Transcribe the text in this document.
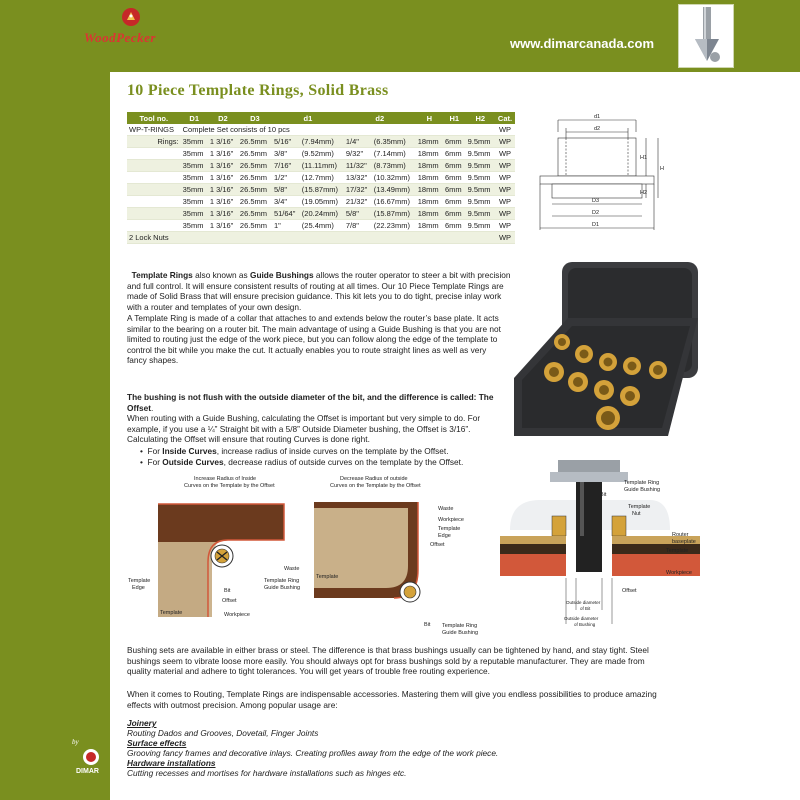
WoodPecker	www.dimarcanada.com
by
DIMAR
10 Piece Template Rings, Solid Brass
Tool no.	D1	D2	D3	d1		d2		H	H1	H2	Cat.
WP-T-RINGS	Complete Set consists of 10 pcs										WP
Rings:	35mm	1 3/16"	26.5mm	5/16"	(7.94mm)	1/4"	(6.35mm)	18mm	6mm	9.5mm	WP
	35mm	1 3/16"	26.5mm	3/8"	(9.52mm)	9/32"	(7.14mm)	18mm	6mm	9.5mm	WP
	35mm	1 3/16"	26.5mm	7/16"	(11.11mm)	11/32"	(8.73mm)	18mm	6mm	9.5mm	WP
	35mm	1 3/16"	26.5mm	1/2"	(12.7mm)	13/32"	(10.32mm)	18mm	6mm	9.5mm	WP
	35mm	1 3/16"	26.5mm	5/8"	(15.87mm)	17/32"	(13.49mm)	18mm	6mm	9.5mm	WP
	35mm	1 3/16"	26.5mm	3/4"	(19.05mm)	21/32"	(16.67mm)	18mm	6mm	9.5mm	WP
	35mm	1 3/16"	26.5mm	51/64"	(20.24mm)	5/8"	(15.87mm)	18mm	6mm	9.5mm	WP
	35mm	1 3/16"	26.5mm	1"	(25.4mm)	7/8"	(22.23mm)	18mm	6mm	9.5mm	WP
2 Lock Nuts											WP
d1
d2
H1
H
H2
D3
D2
D1

Template Rings also known as Guide Bushings allows the router operator to steer a bit with precision and full control. It will ensure consistent results of routing at all times. Our 10 Piece Template Rings are made of Solid Brass that will ensure precision guidance. This kit lets you to do tight, precise inlay work with a router and templates of your own design.

A Template Ring is made of a collar that attaches to and extends below the router’s base plate. It acts similar to the bearing on a router bit. The main advantage of using a Guide Bushing is that you are not limited to routing just the edge of the work piece, but you can follow along the edge of the template to control the bit while you make the cut. It actually enables you to route straight lines as well as very fancy shapes.

The bushing is not flush with the outside diameter of the bit, and the difference is called: The Offset.
When routing with a Guide Bushing, calculating the Offset is important but very simple to do. For example, if you use a ¼” Straight bit with a 5/8” Outside Diameter bushing, the Offset is 3/16”. Calculating the Offset will ensure that routing Curves is done right.

•  For Inside Curves, increase radius of inside curves on the template by the Offset.
•  For Outside Curves, decrease radius of outside curves on the template by the Offset.
Increase Radius of Inside
Curves on the Template by the Offset
Waste
Template
Edge
Template Ring
Guide Bushing
Bit
Offset
Template	Workpiece
Decrease Radius of outside
Curves on the Template by the Offset
Waste
Workpiece
Template
Edge
Offset
Template
Bit Template Ring
Guide Bushing
Template Ring
Guide Bushing
Bit
Template
Nut
Router
baseplate
Template
Workpiece
Offset
Outside diameter
of Bit
Outside diameter
of Bushing

Bushing sets are available in either brass or steel. The difference is that brass bushings usually can be tightened by hand, and stay tight. Steel bushings seem to vibrate loose more easily. You should always opt for brass bushings sold by a reputable manufacturer. They are made from quality material and adhere to tight tolerances. You will get years of trouble free routing experience.

When it comes to Routing, Template Rings are indispensable accessories. Mastering them will give you endless possibilities to produce amazing effects with outmost precision. Among popular usage are:

Joinery
Routing Dados and Grooves, Dovetail, Finger Joints
Surface effects
Grooving fancy frames and decorative inlays. Creating profiles away from the edge of the work piece.
Hardware installations
Cutting recesses and mortises for hardware installations such as hinges etc.
